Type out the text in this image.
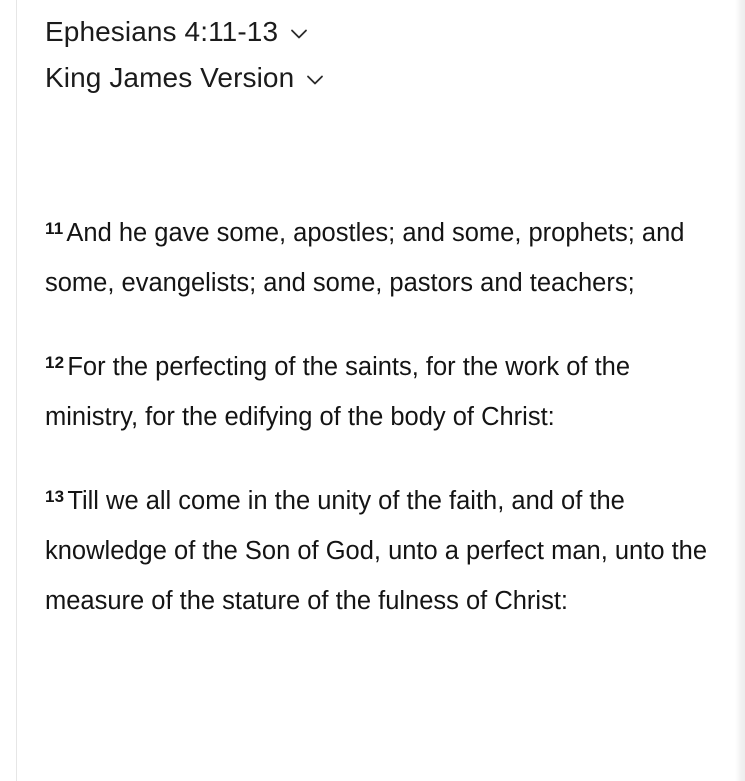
Ephesians 4:11-13
King James Version

$^{11}$ And he gave some, apostles; and some, prophets; and some, evangelists; and some, pastors and teachers;

$^{12}$ For the perfecting of the saints, for the work of the ministry, for the edifying of the body of Christ:

$^{13}$ Till we all come in the unity of the faith, and of the knowledge of the Son of God, unto a perfect man, unto the measure of the stature of the fulness of Christ:
